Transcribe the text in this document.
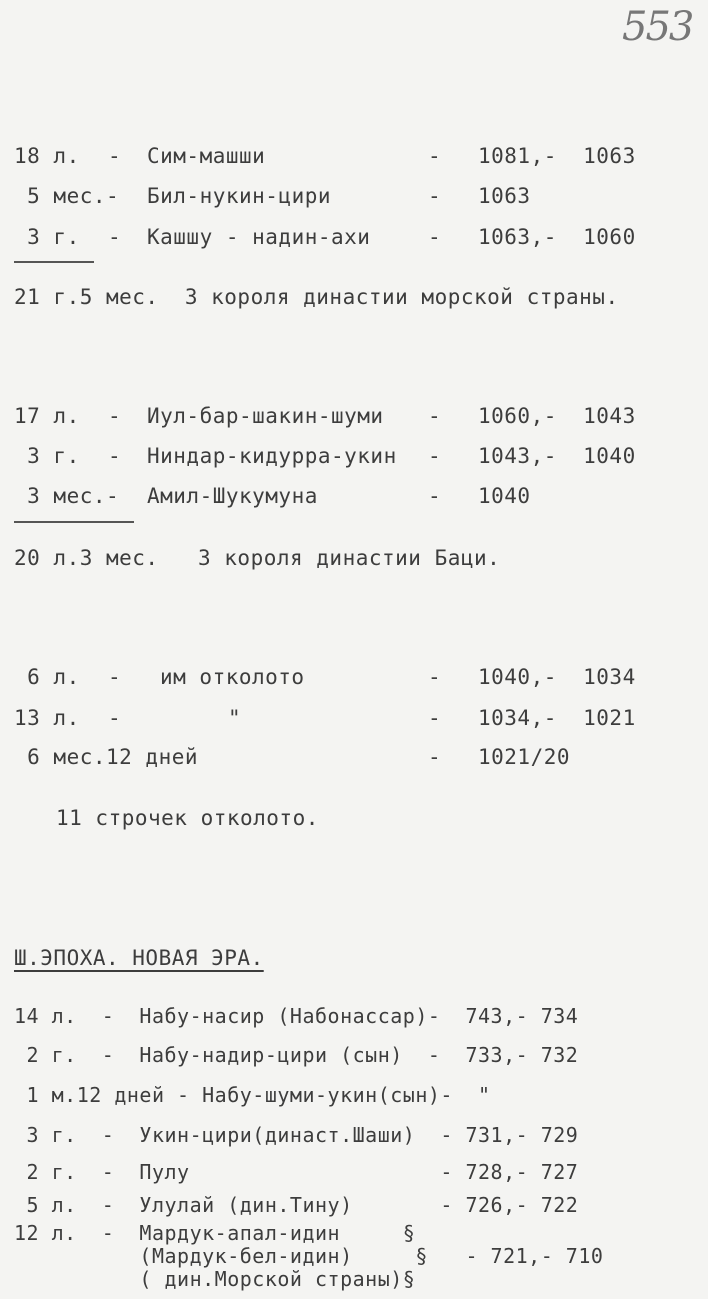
553
18 л. - Сим-машши	- 1081,-  1063
5 мес.- Бил-нукин-цири	- 1063
3 г. - Кашшу - надин-ахи	- 1063,-  1060
21 г.5 мес.  3 короля династии морской страны.
17 л. - Иул-бар-шакин-шуми - 1060,-  1043
3 г. - Ниндар-кидурра-укин - 1043,-  1040
3 мес.- Амил-Шукумуна	- 1040
20 л.3 мес.   3 короля династии Баци.
6 л. - им отколото	- 1040,-  1034
13 л. -	"	- 1034,-  1021
6 мес.12 дней	- 1021/20
11 строчек отколото.
Ш.ЭПОХА. НОВАЯ ЭРА.
14 л.  -  Набу-насир (Набонассар)-  743,- 734
2 г.  -  Набу-надир-цири (сын)  -  733,- 732
1 м.12 дней - Набу-шуми-укин(сын)-  "
3 г.  -  Укин-цири(династ.Шаши)  - 731,- 729
2 г.  -  Пулу                    - 728,- 727
5 л.  -  Улулай (дин.Тину)       - 726,- 722
12 л.  -  Мардук-апал-идин     §
(Мардук-бел-идин)     §   - 721,- 710
( дин.Морской страны)§
